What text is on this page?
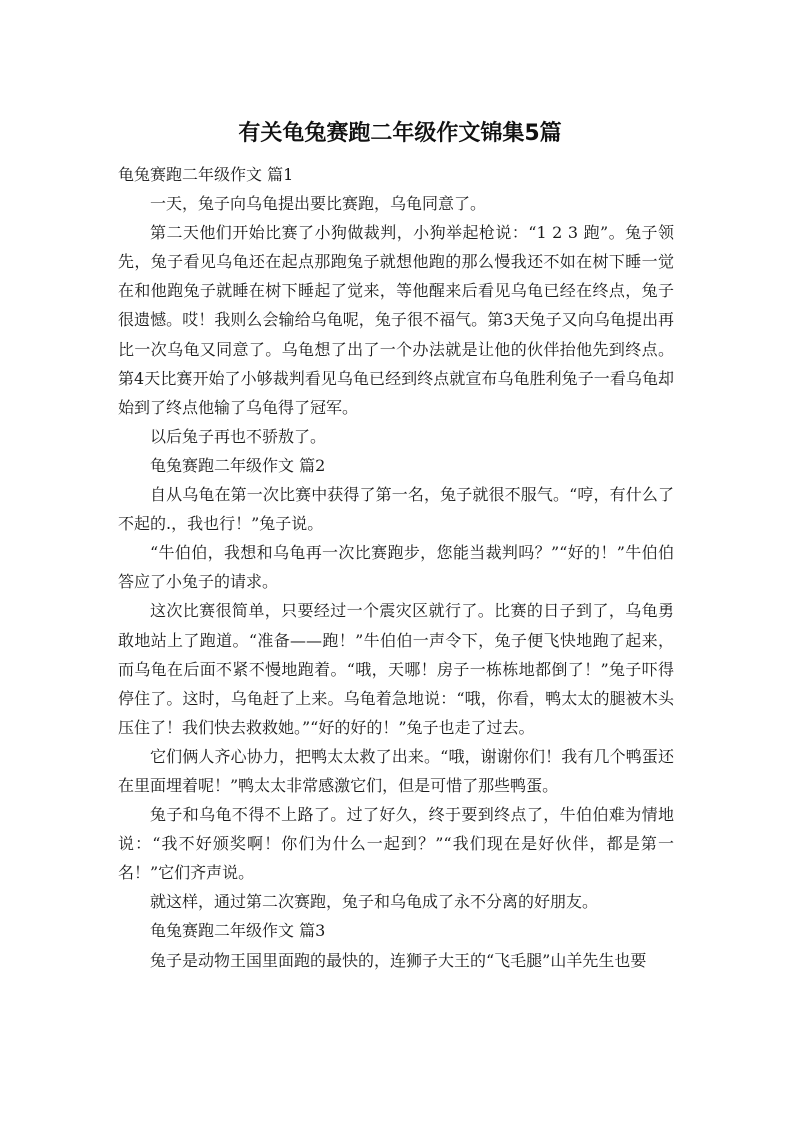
有关龟兔赛跑二年级作文锦集5篇

龟兔赛跑二年级作文 篇1

一天，兔子向乌龟提出要比赛跑，乌龟同意了。

第二天他们开始比赛了小狗做裁判，小狗举起枪说：“1 2 3 跑”。兔子领先，兔子看见乌龟还在起点那跑兔子就想他跑的那么慢我还不如在树下睡一觉在和他跑兔子就睡在树下睡起了觉来，等他醒来后看见乌龟已经在终点，兔子很遗憾。哎！我则么会输给乌龟呢，兔子很不福气。第3天兔子又向乌龟提出再比一次乌龟又同意了。乌龟想了出了一个办法就是让他的伙伴抬他先到终点。第4天比赛开始了小够裁判看见乌龟已经到终点就宣布乌龟胜利兔子一看乌龟却始到了终点他输了乌龟得了冠军。

以后兔子再也不骄敖了。

龟兔赛跑二年级作文 篇2

自从乌龟在第一次比赛中获得了第一名，兔子就很不服气。“哼，有什么了不起的.，我也行！”兔子说。

“牛伯伯，我想和乌龟再一次比赛跑步，您能当裁判吗？”“好的！”牛伯伯答应了小兔子的请求。

这次比赛很简单，只要经过一个震灾区就行了。比赛的日子到了，乌龟勇敢地站上了跑道。“准备——跑！”牛伯伯一声令下，兔子便飞快地跑了起来，而乌龟在后面不紧不慢地跑着。“哦，天哪！房子一栋栋地都倒了！”兔子吓得停住了。这时，乌龟赶了上来。乌龟着急地说：“哦，你看，鸭太太的腿被木头压住了！我们快去救救她。”“好的好的！”兔子也走了过去。

它们俩人齐心协力，把鸭太太救了出来。“哦，谢谢你们！我有几个鸭蛋还在里面埋着呢！”鸭太太非常感激它们，但是可惜了那些鸭蛋。

兔子和乌龟不得不上路了。过了好久，终于要到终点了，牛伯伯难为情地说：“我不好颁奖啊！你们为什么一起到？”“我们现在是好伙伴，都是第一名！”它们齐声说。

就这样，通过第二次赛跑，兔子和乌龟成了永不分离的好朋友。

龟兔赛跑二年级作文 篇3

兔子是动物王国里面跑的最快的，连狮子大王的“飞毛腿”山羊先生也要
